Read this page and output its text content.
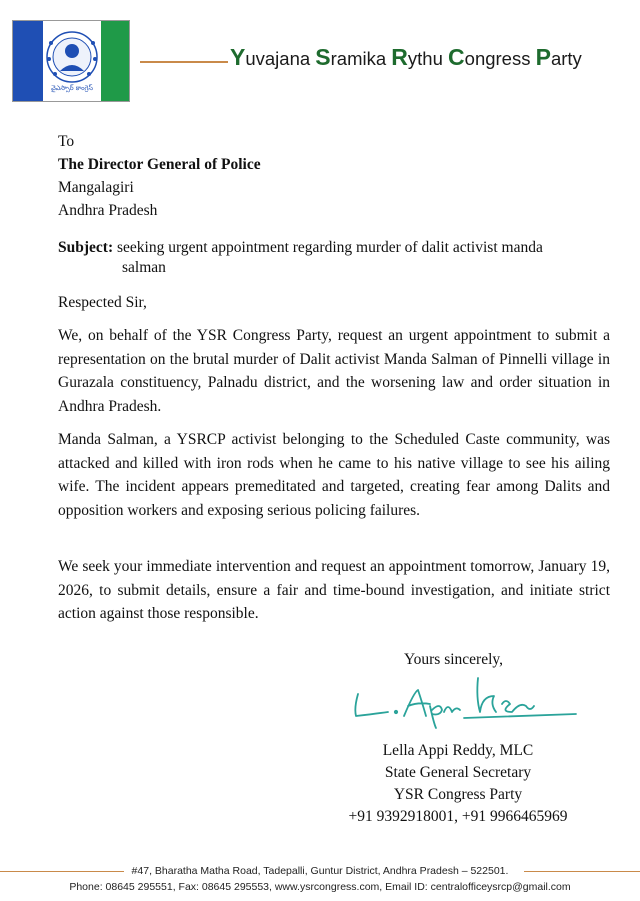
వైఎస్సార్ కాంగ్రెస్
Yuvajana Sramika Rythu Congress Party
To
The Director General of Police
Mangalagiri
Andhra Pradesh
Subject: seeking urgent appointment regarding murder of dalit activist manda
salman
Respected Sir,
We, on behalf of the YSR Congress Party, request an urgent appointment to submit a representation on the brutal murder of Dalit activist Manda Salman of Pinnelli village in Gurazala constituency, Palnadu district, and the worsening law and order situation in Andhra Pradesh.
Manda Salman, a YSRCP activist belonging to the Scheduled Caste community, was attacked and killed with iron rods when he came to his native village to see his ailing wife. The incident appears premeditated and targeted, creating fear among Dalits and opposition workers and exposing serious policing failures.
We seek your immediate intervention and request an appointment tomorrow, January 19, 2026, to submit details, ensure a fair and time-bound investigation, and initiate strict action against those responsible.
Yours sincerely,
Lella Appi Reddy, MLC
State General Secretary
YSR Congress Party
+91 9392918001, +91 9966465969
#47, Bharatha Matha Road, Tadepalli, Guntur District, Andhra Pradesh – 522501.
Phone: 08645 295551, Fax: 08645 295553, www.ysrcongress.com, Email ID: centralofficeysrcp@gmail.com
